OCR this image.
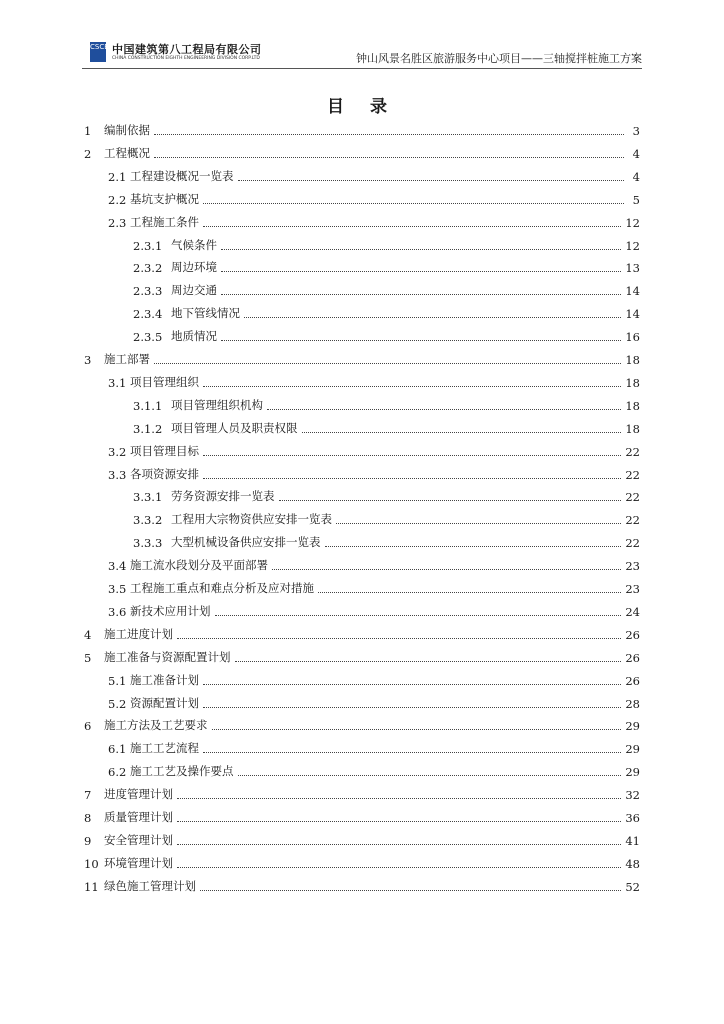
CSCEC
中国建筑第八工程局有限公司
CHINA CONSTRUCTION EIGHTH ENGINEERING DIVISION CORP.LTD	钟山风景名胜区旅游服务中心项目——三轴搅拌桩施工方案
目 录
1	编制依据	3
2	工程概况	4
2.1 工程建设概况一览表	4
2.2 基坑支护概况	5
2.3 工程施工条件	12
2.3.1 气候条件	12
2.3.2 周边环境	13
2.3.3 周边交通	14
2.3.4 地下管线情况	14
2.3.5 地质情况	16
3	施工部署	18
3.1 项目管理组织	18
3.1.1 项目管理组织机构	18
3.1.2 项目管理人员及职责权限	18
3.2 项目管理目标	22
3.3 各项资源安排	22
3.3.1 劳务资源安排一览表	22
3.3.2 工程用大宗物资供应安排一览表	22
3.3.3 大型机械设备供应安排一览表	22
3.4 施工流水段划分及平面部署	23
3.5 工程施工重点和难点分析及应对措施	23
3.6 新技术应用计划	24
4	施工进度计划	26
5	施工准备与资源配置计划	26
5.1 施工准备计划	26
5.2 资源配置计划	28
6	施工方法及工艺要求	29
6.1 施工工艺流程	29
6.2 施工工艺及操作要点	29
7	进度管理计划	32
8	质量管理计划	36
9	安全管理计划	41
10 环境管理计划	48
11 绿色施工管理计划	52
